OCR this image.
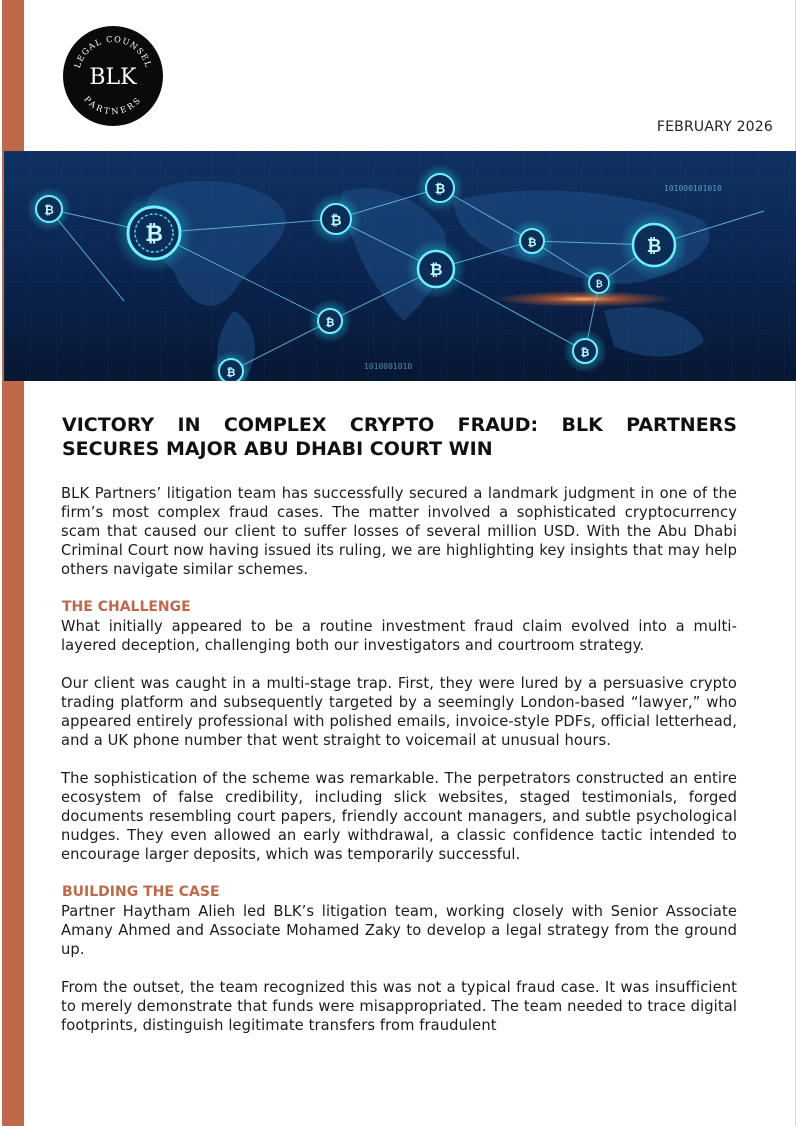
LEGAL COUNSEL
BLK
PARTNERS
FEBRUARY 2026
101000101010
1010001010
₿	₿
₿
₿
₿
₿
₿
₿
₿
₿
₿
VICTORY IN COMPLEX CRYPTO FRAUD: BLK PARTNERS SECURES MAJOR ABU DHABI COURT WIN

BLK Partners’ litigation team has successfully secured a landmark judgment in one of the firm’s most complex fraud cases. The matter involved a sophisticated cryptocurrency scam that caused our client to suffer losses of several million USD. With the Abu Dhabi Criminal Court now having issued its ruling, we are highlighting key insights that may help others navigate similar schemes.

THE CHALLENGE

What initially appeared to be a routine investment fraud claim evolved into a multi-layered deception, challenging both our investigators and courtroom strategy.

Our client was caught in a multi-stage trap. First, they were lured by a persuasive crypto trading platform and subsequently targeted by a seemingly London-based “lawyer,” who appeared entirely professional with polished emails, invoice-style PDFs, official letterhead, and a UK phone number that went straight to voicemail at unusual hours.

The sophistication of the scheme was remarkable. The perpetrators constructed an entire ecosystem of false credibility, including slick websites, staged testimonials, forged documents resembling court papers, friendly account managers, and subtle psychological nudges. They even allowed an early withdrawal, a classic confidence tactic intended to encourage larger deposits, which was temporarily successful.

BUILDING THE CASE

Partner Haytham Alieh led BLK’s litigation team, working closely with Senior Associate Amany Ahmed and Associate Mohamed Zaky to develop a legal strategy from the ground up.

From the outset, the team recognized this was not a typical fraud case. It was insufficient to merely demonstrate that funds were misappropriated. The team needed to trace digital footprints, distinguish legitimate transfers from fraudulent
